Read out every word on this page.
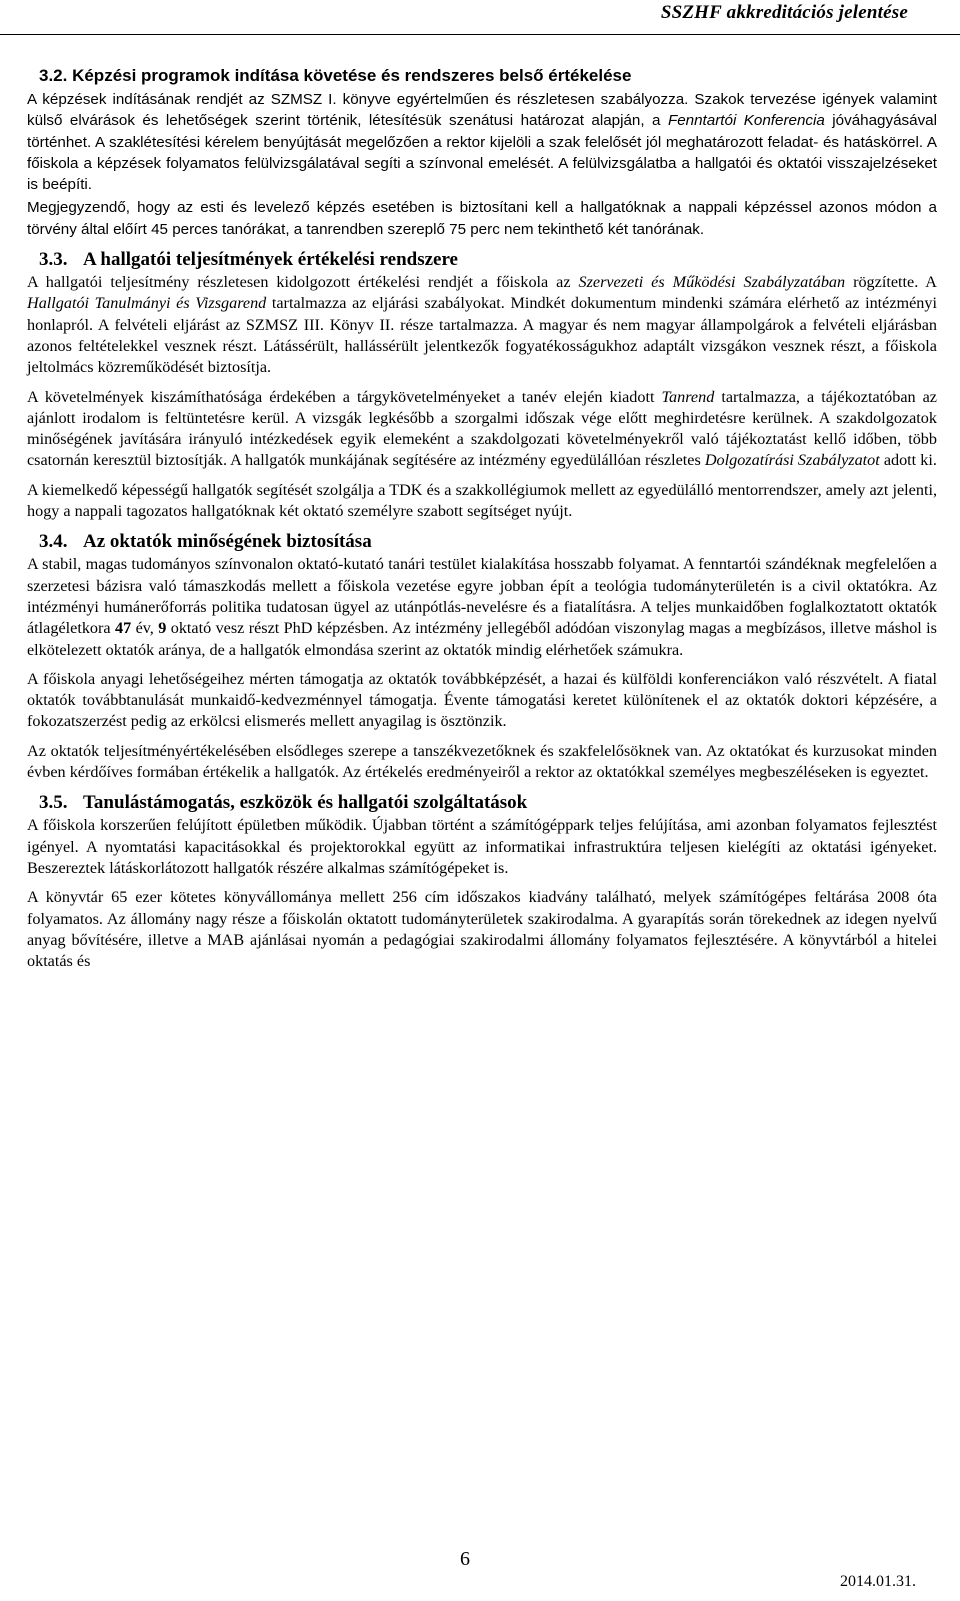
SSZHF akkreditációs jelentése
3.2. Képzési programok indítása követése és rendszeres belső értékelése

A képzések indításának rendjét az SZMSZ I. könyve egyértelműen és részletesen szabályozza. Szakok tervezése igények valamint külső elvárások és lehetőségek szerint történik, létesítésük szenátusi határozat alapján, a Fenntartói Konferencia jóváhagyásával történhet. A szaklétesítési kérelem benyújtását megelőzően a rektor kijelöli a szak felelősét jól meghatározott feladat- és hatáskörrel. A főiskola a képzések folyamatos felülvizsgálatával segíti a színvonal emelését. A felülvizsgálatba a hallgatói és oktatói visszajelzéseket is beépíti.

Megjegyzendő, hogy az esti és levelező képzés esetében is biztosítani kell a hallgatóknak a nappali képzéssel azonos módon a törvény által előírt 45 perces tanórákat, a tanrendben szereplő 75 perc nem tekinthető két tanórának.

3.3. A hallgatói teljesítmények értékelési rendszere

A hallgatói teljesítmény részletesen kidolgozott értékelési rendjét a főiskola az Szervezeti és Működési Szabályzatában rögzítette. A Hallgatói Tanulmányi és Vizsgarend tartalmazza az eljárási szabályokat. Mindkét dokumentum mindenki számára elérhető az intézményi honlapról. A felvételi eljárást az SZMSZ III. Könyv II. része tartalmazza. A magyar és nem magyar állampolgárok a felvételi eljárásban azonos feltételekkel vesznek részt. Látássérült, hallássérült jelentkezők fogyatékosságukhoz adaptált vizsgákon vesznek részt, a főiskola jeltolmács közreműködését biztosítja.

A követelmények kiszámíthatósága érdekében a tárgykövetelményeket a tanév elején kiadott Tanrend tartalmazza, a tájékoztatóban az ajánlott irodalom is feltüntetésre kerül. A vizsgák legkésőbb a szorgalmi időszak vége előtt meghirdetésre kerülnek. A szakdolgozatok minőségének javítására irányuló intézkedések egyik elemeként a szakdolgozati követelményekről való tájékoztatást kellő időben, több csatornán keresztül biztosítják. A hallgatók munkájának segítésére az intézmény egyedülállóan részletes Dolgozatírási Szabályzatot adott ki.

A kiemelkedő képességű hallgatók segítését szolgálja a TDK és a szakkollégiumok mellett az egyedülálló mentorrendszer, amely azt jelenti, hogy a nappali tagozatos hallgatóknak két oktató személyre szabott segítséget nyújt.

3.4. Az oktatók minőségének biztosítása

A stabil, magas tudományos színvonalon oktató-kutató tanári testület kialakítása hosszabb folyamat. A fenntartói szándéknak megfelelően a szerzetesi bázisra való támaszkodás mellett a főiskola vezetése egyre jobban épít a teológia tudományterületén is a civil oktatókra. Az intézményi humánerőforrás politika tudatosan ügyel az utánpótlás-nevelésre és a fiatalításra. A teljes munkaidőben foglalkoztatott oktatók átlagéletkora 47 év, 9 oktató vesz részt PhD képzésben. Az intézmény jellegéből adódóan viszonylag magas a megbízásos, illetve máshol is elkötelezett oktatók aránya, de a hallgatók elmondása szerint az oktatók mindig elérhetőek számukra.

A főiskola anyagi lehetőségeihez mérten támogatja az oktatók továbbképzését, a hazai és külföldi konferenciákon való részvételt. A fiatal oktatók továbbtanulását munkaidő-kedvezménnyel támogatja. Évente támogatási keretet különítenek el az oktatók doktori képzésére, a fokozatszerzést pedig az erkölcsi elismerés mellett anyagilag is ösztönzik.

Az oktatók teljesítményértékelésében elsődleges szerepe a tanszékvezetőknek és szakfelelősöknek van. Az oktatókat és kurzusokat minden évben kérdőíves formában értékelik a hallgatók. Az értékelés eredményeiről a rektor az oktatókkal személyes megbeszéléseken is egyeztet.

3.5. Tanulástámogatás, eszközök és hallgatói szolgáltatások

A főiskola korszerűen felújított épületben működik. Újabban történt a számítógéppark teljes felújítása, ami azonban folyamatos fejlesztést igényel. A nyomtatási kapacitásokkal és projektorokkal együtt az informatikai infrastruktúra teljesen kielégíti az oktatási igényeket. Beszereztek látáskorlátozott hallgatók részére alkalmas számítógépeket is.

A könyvtár 65 ezer kötetes könyvállománya mellett 256 cím időszakos kiadvány található, melyek számítógépes feltárása 2008 óta folyamatos. Az állomány nagy része a főiskolán oktatott tudományterületek szakirodalma. A gyarapítás során törekednek az idegen nyelvű anyag bővítésére, illetve a MAB ajánlásai nyomán a pedagógiai szakirodalmi állomány folyamatos fejlesztésére. A könyvtárból a hitelei oktatás és

6
2014.01.31.
